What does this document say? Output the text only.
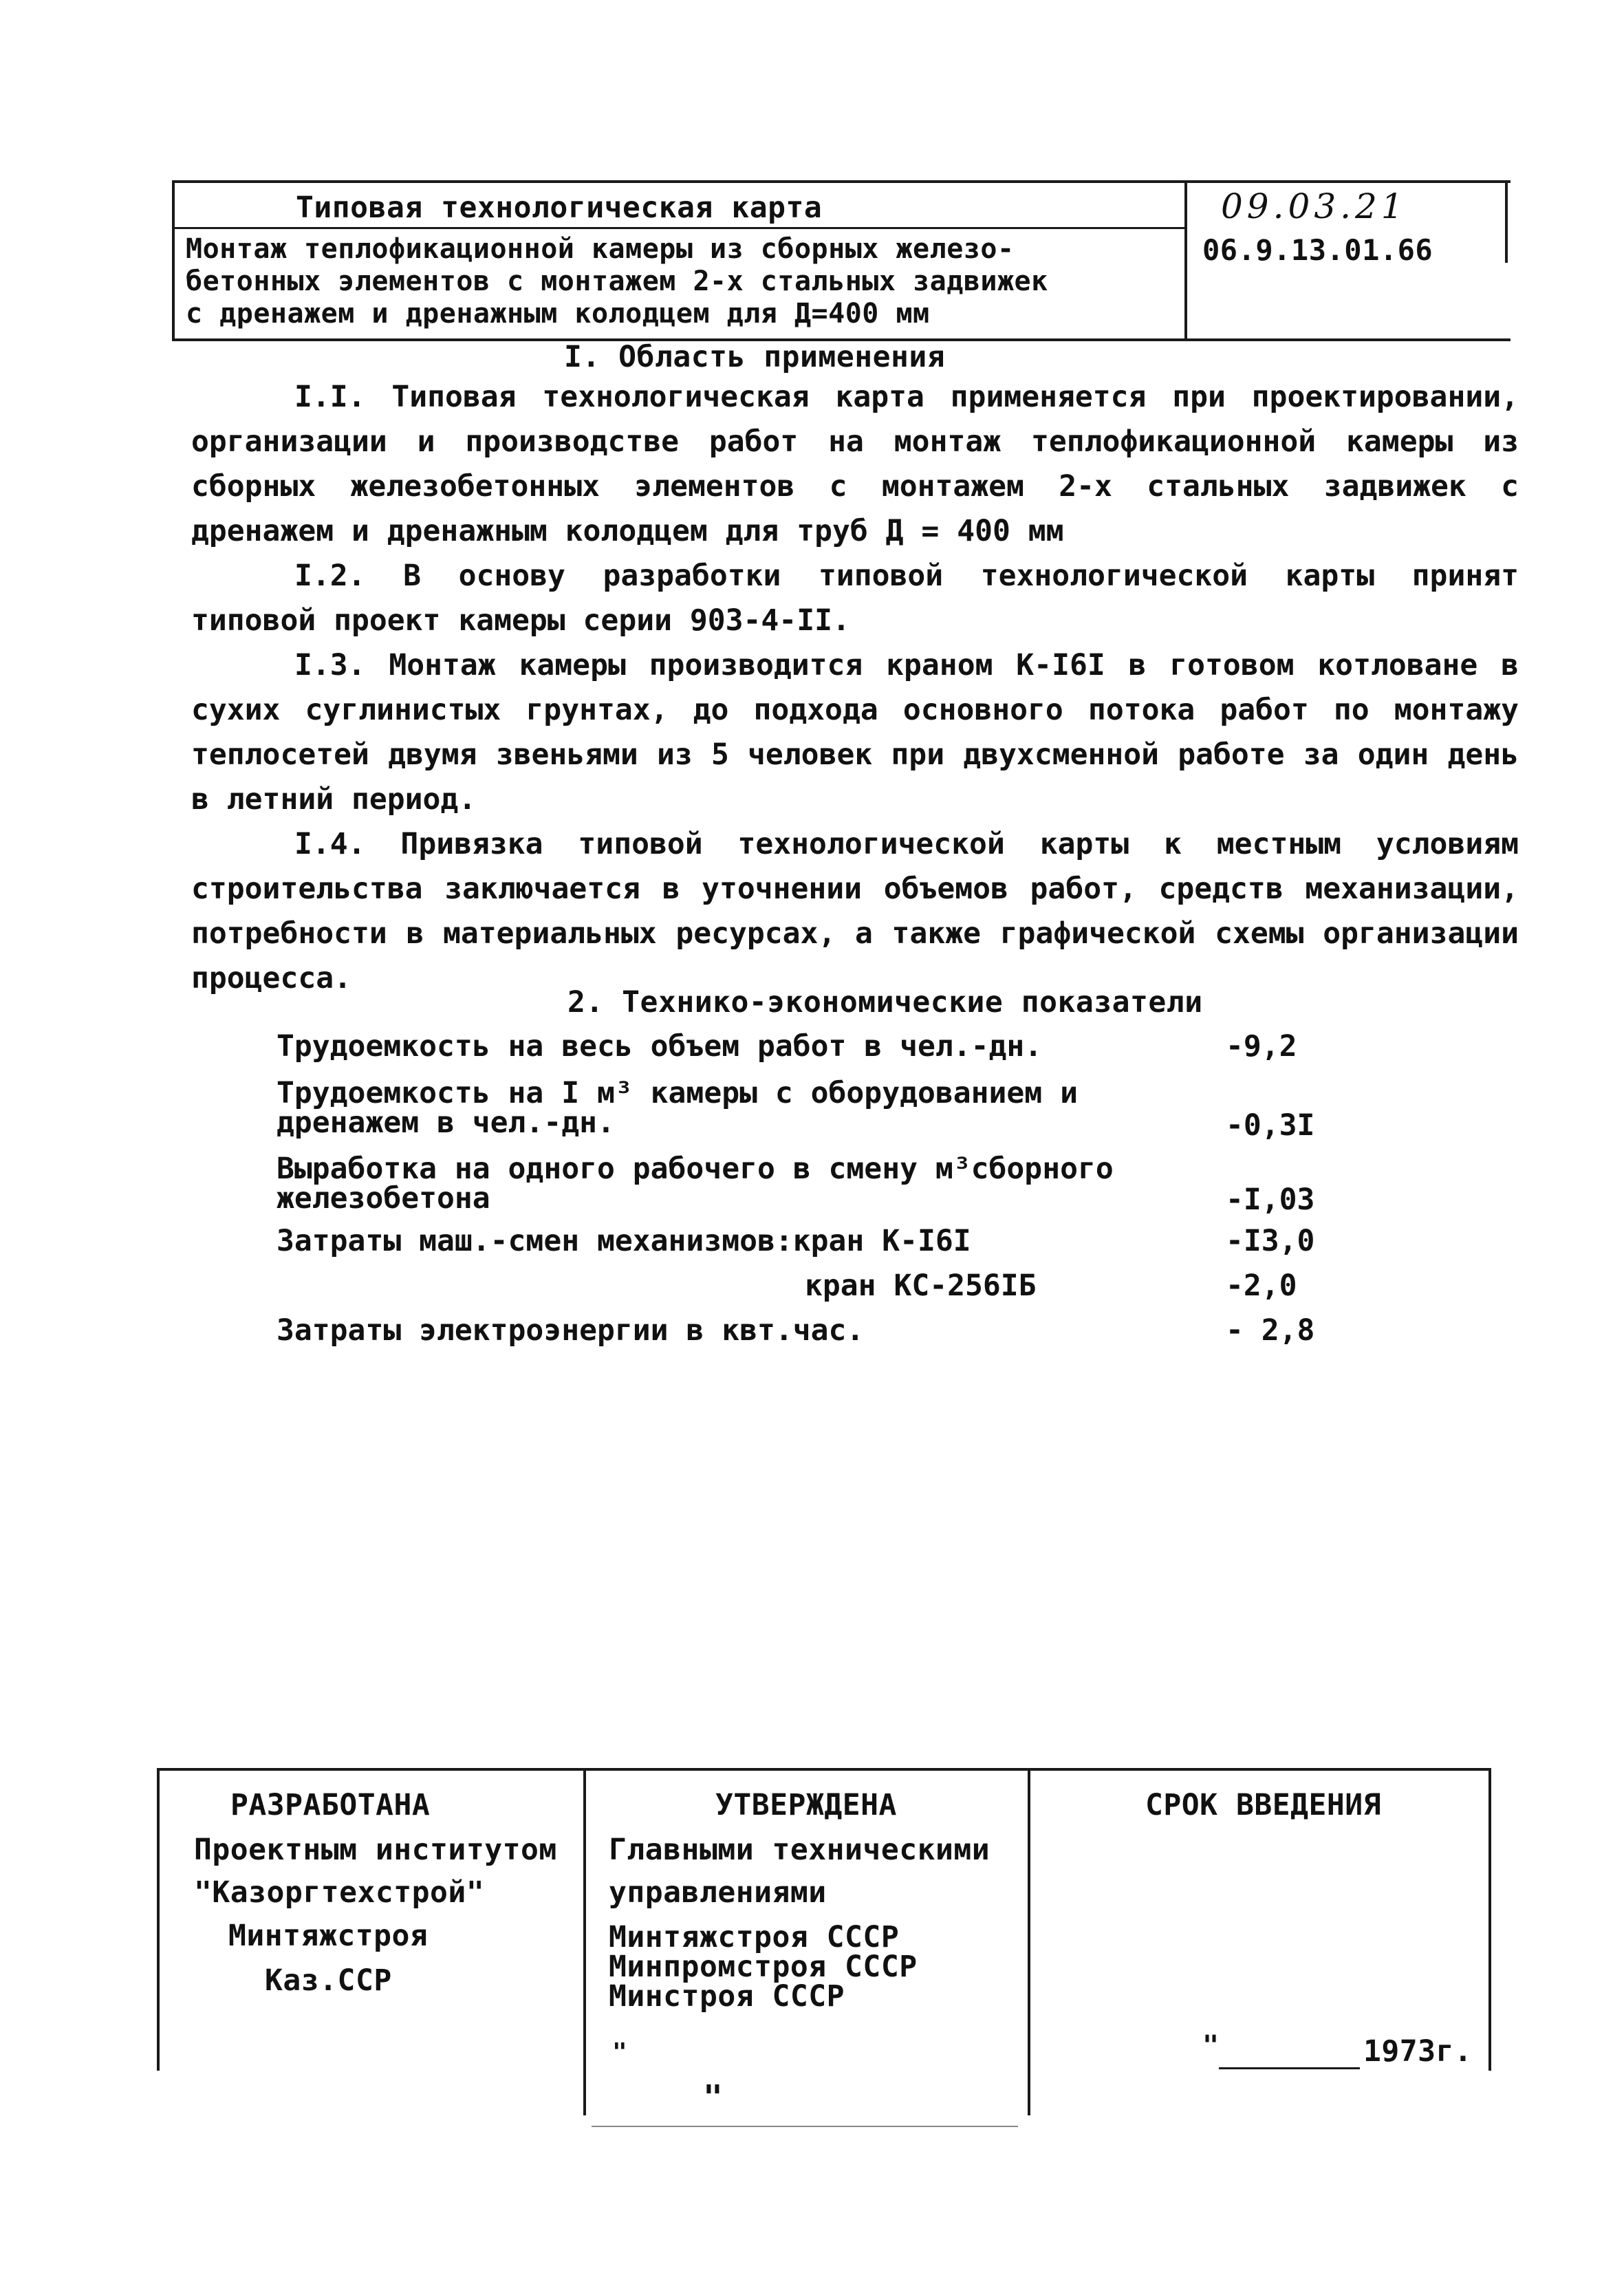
Типовая технологическая карта
Монтаж теплофикационной камеры из сборных железо-
бетонных элементов с монтажем 2-х стальных задвижек
с дренажем и дренажным колодцем для Д=400 мм
09.03.21
06.9.13.01.66
I. Область применения

I.I. Типовая технологическая карта применяется при проектировании, организации и производстве работ на монтаж теплофикационной камеры из сборных железобетонных элементов с монтажем 2-х стальных задвижек с дренажем и дренажным колодцем для труб Д = 400 мм

I.2. В основу разработки типовой технологической карты принят типовой проект камеры серии 903-4-II.

I.3. Монтаж камеры производится краном К-I6I в готовом котловане в сухих суглинистых грунтах, до подхода основного потока работ по монтажу теплосетей двумя звеньями из 5 человек при двухсменной работе за один день в летний период.

I.4. Привязка типовой технологической карты к местным условиям строительства заключается в уточнении объемов работ, средств механизации, потребности в материальных ресурсах, а также графической схемы организации процесса.

2. Технико-экономические показатели
Трудоемкость на весь объем работ в чел.-дн.	-9,2
Трудоемкость на I м³ камеры с оборудованием и
дренажем в чел.-дн.	-0,3I
Выработка на одного рабочего в смену м³сборного
железобетона	-I,03
Затраты маш.-смен механизмов:кран К-I6I	-I3,0
кран КС-256IБ	-2,0
Затраты электроэнергии в квт.час.	- 2,8
РАЗРАБОТАНА
Проектным институтом
"Казоргтехстрой"
Минтяжстроя
Каз.ССР
УТВЕРЖДЕНА
Главными техническими
управлениями
Минтяжстроя СССР
Минпромстроя СССР
Минстроя СССР
"
"
СРОК ВВЕДЕНИЯ
"	1973г.
